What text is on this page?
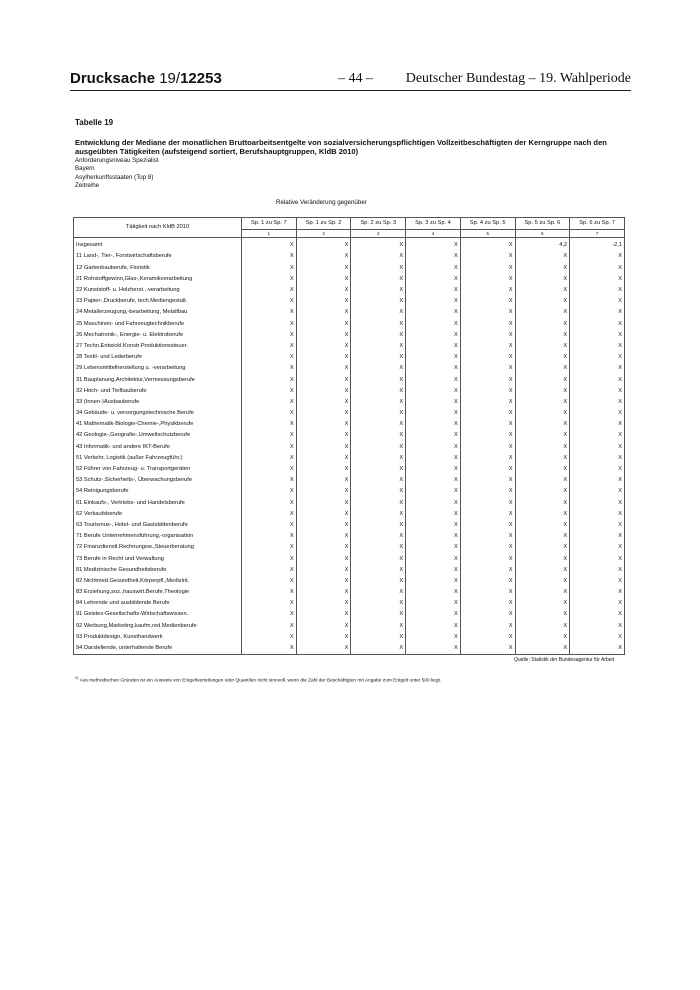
Drucksache 19/12253	– 44 – Deutscher Bundestag – 19. Wahlperiode
Tabelle 19
Entwicklung der Mediane der monatlichen Bruttoarbeitsentgelte von sozialversicherungspflichtigen Vollzeitbeschäftigten der Kerngruppe nach den ausgeübten Tätigkeiten (aufsteigend sortiert, Berufshauptgruppen, KldB 2010)
Anforderungsniveau Spezialist
Bayern
Asylherkunftsstaaten (Top 8)
Zeitreihe
Relative Veränderung gegenüber
Tätigkeit nach KldB 2010	Sp. 1 zu Sp. 7	Sp. 1 zu Sp. 2	Sp. 2 zu Sp. 3	Sp. 3 zu Sp. 4	Sp. 4 zu Sp. 5	Sp. 5 zu Sp. 6	Sp. 6 zu Sp. 7
	1	2	3	4	5	6	7
Insgesamt	X	X	X	X	X	4,2	-2,1
11 Land-, Tier-, Forstwirtschaftsberufe	X	X	X	X	X	X	X
12 Gartenbauberufe, Floristik	X	X	X	X	X	X	X
21 Rohstoffgewinn,Glas-,Keramikverarbeitung	X	X	X	X	X	X	X
22 Kunststoff- u. Holzherst.,-verarbeitung	X	X	X	X	X	X	X
23 Papier-,Druckberufe, tech.Mediengestalt.	X	X	X	X	X	X	X
24 Metallerzeugung,-bearbeitung, Metallbau	X	X	X	X	X	X	X
25 Maschinen- und Fahrzeugtechnikberufe	X	X	X	X	X	X	X
26 Mechatronik-, Energie- u. Elektroberufe	X	X	X	X	X	X	X
27 Techn.Entwickl.Konstr.Produktionssteuer.	X	X	X	X	X	X	X
28 Textil- und Lederberufe	X	X	X	X	X	X	X
29 Lebensmittelherstellung u. -verarbeitung	X	X	X	X	X	X	X
31 Bauplanung,Architektur,Vermessungsberufe	X	X	X	X	X	X	X
32 Hoch- und Tiefbauberufe	X	X	X	X	X	X	X
33 (Innen-)Ausbauberufe	X	X	X	X	X	X	X
34 Gebäude- u. versorgungstechnische Berufe	X	X	X	X	X	X	X
41 Mathematik-Biologie-Chemie-,Physikberufe	X	X	X	X	X	X	X
42 Geologie-,Geografie-,Umweltschutzberufe	X	X	X	X	X	X	X
43 Informatik- und andere IKT-Berufe	X	X	X	X	X	X	X
51 Verkehr, Logistik (außer Fahrzeugführ.)	X	X	X	X	X	X	X
52 Führer von Fahrzeug- u. Transportgeräten	X	X	X	X	X	X	X
53 Schutz-,Sicherheits-, Überwachungsberufe	X	X	X	X	X	X	X
54 Reinigungsberufe	X	X	X	X	X	X	X
61 Einkaufs-, Vertriebs- und Handelsberufe	X	X	X	X	X	X	X
62 Verkaufsberufe	X	X	X	X	X	X	X
63 Tourismus-, Hotel- und Gaststättenberufe	X	X	X	X	X	X	X
71 Berufe Unternehmensführung,-organisation	X	X	X	X	X	X	X
72 Finanzdienstl.Rechnungsw.,Steuerberatung	X	X	X	X	X	X	X
73 Berufe in Recht und Verwaltung	X	X	X	X	X	X	X
81 Medizinische Gesundheitsberufe	X	X	X	X	X	X	X
82 Nichtmed.Gesundheit,Körperpfl.,Medizint.	X	X	X	X	X	X	X
83 Erziehung,soz.,hauswirt.Berufe,Theologie	X	X	X	X	X	X	X
84 Lehrende und ausbildende Berufe	X	X	X	X	X	X	X
91 Geistes-Gesellschafts-Wirtschaftswissen.	X	X	X	X	X	X	X
92 Werbung,Marketing,kaufm,red.Medienberufe	X	X	X	X	X	X	X
93 Produktdesign, Kunsthandwerk	X	X	X	X	X	X	X
94 Darstellende, unterhaltende Berufe	X	X	X	X	X	X	X
Quelle: Statistik der Bundesagentur für Arbeit
$^{X)}$ Aus methodischen Gründen ist ein Ausweis von Entgeltverteilungen oder Quantilen nicht sinnvoll, wenn die Zahl der Beschäftigten mit Angabe zum Entgelt unter 500 liegt.
